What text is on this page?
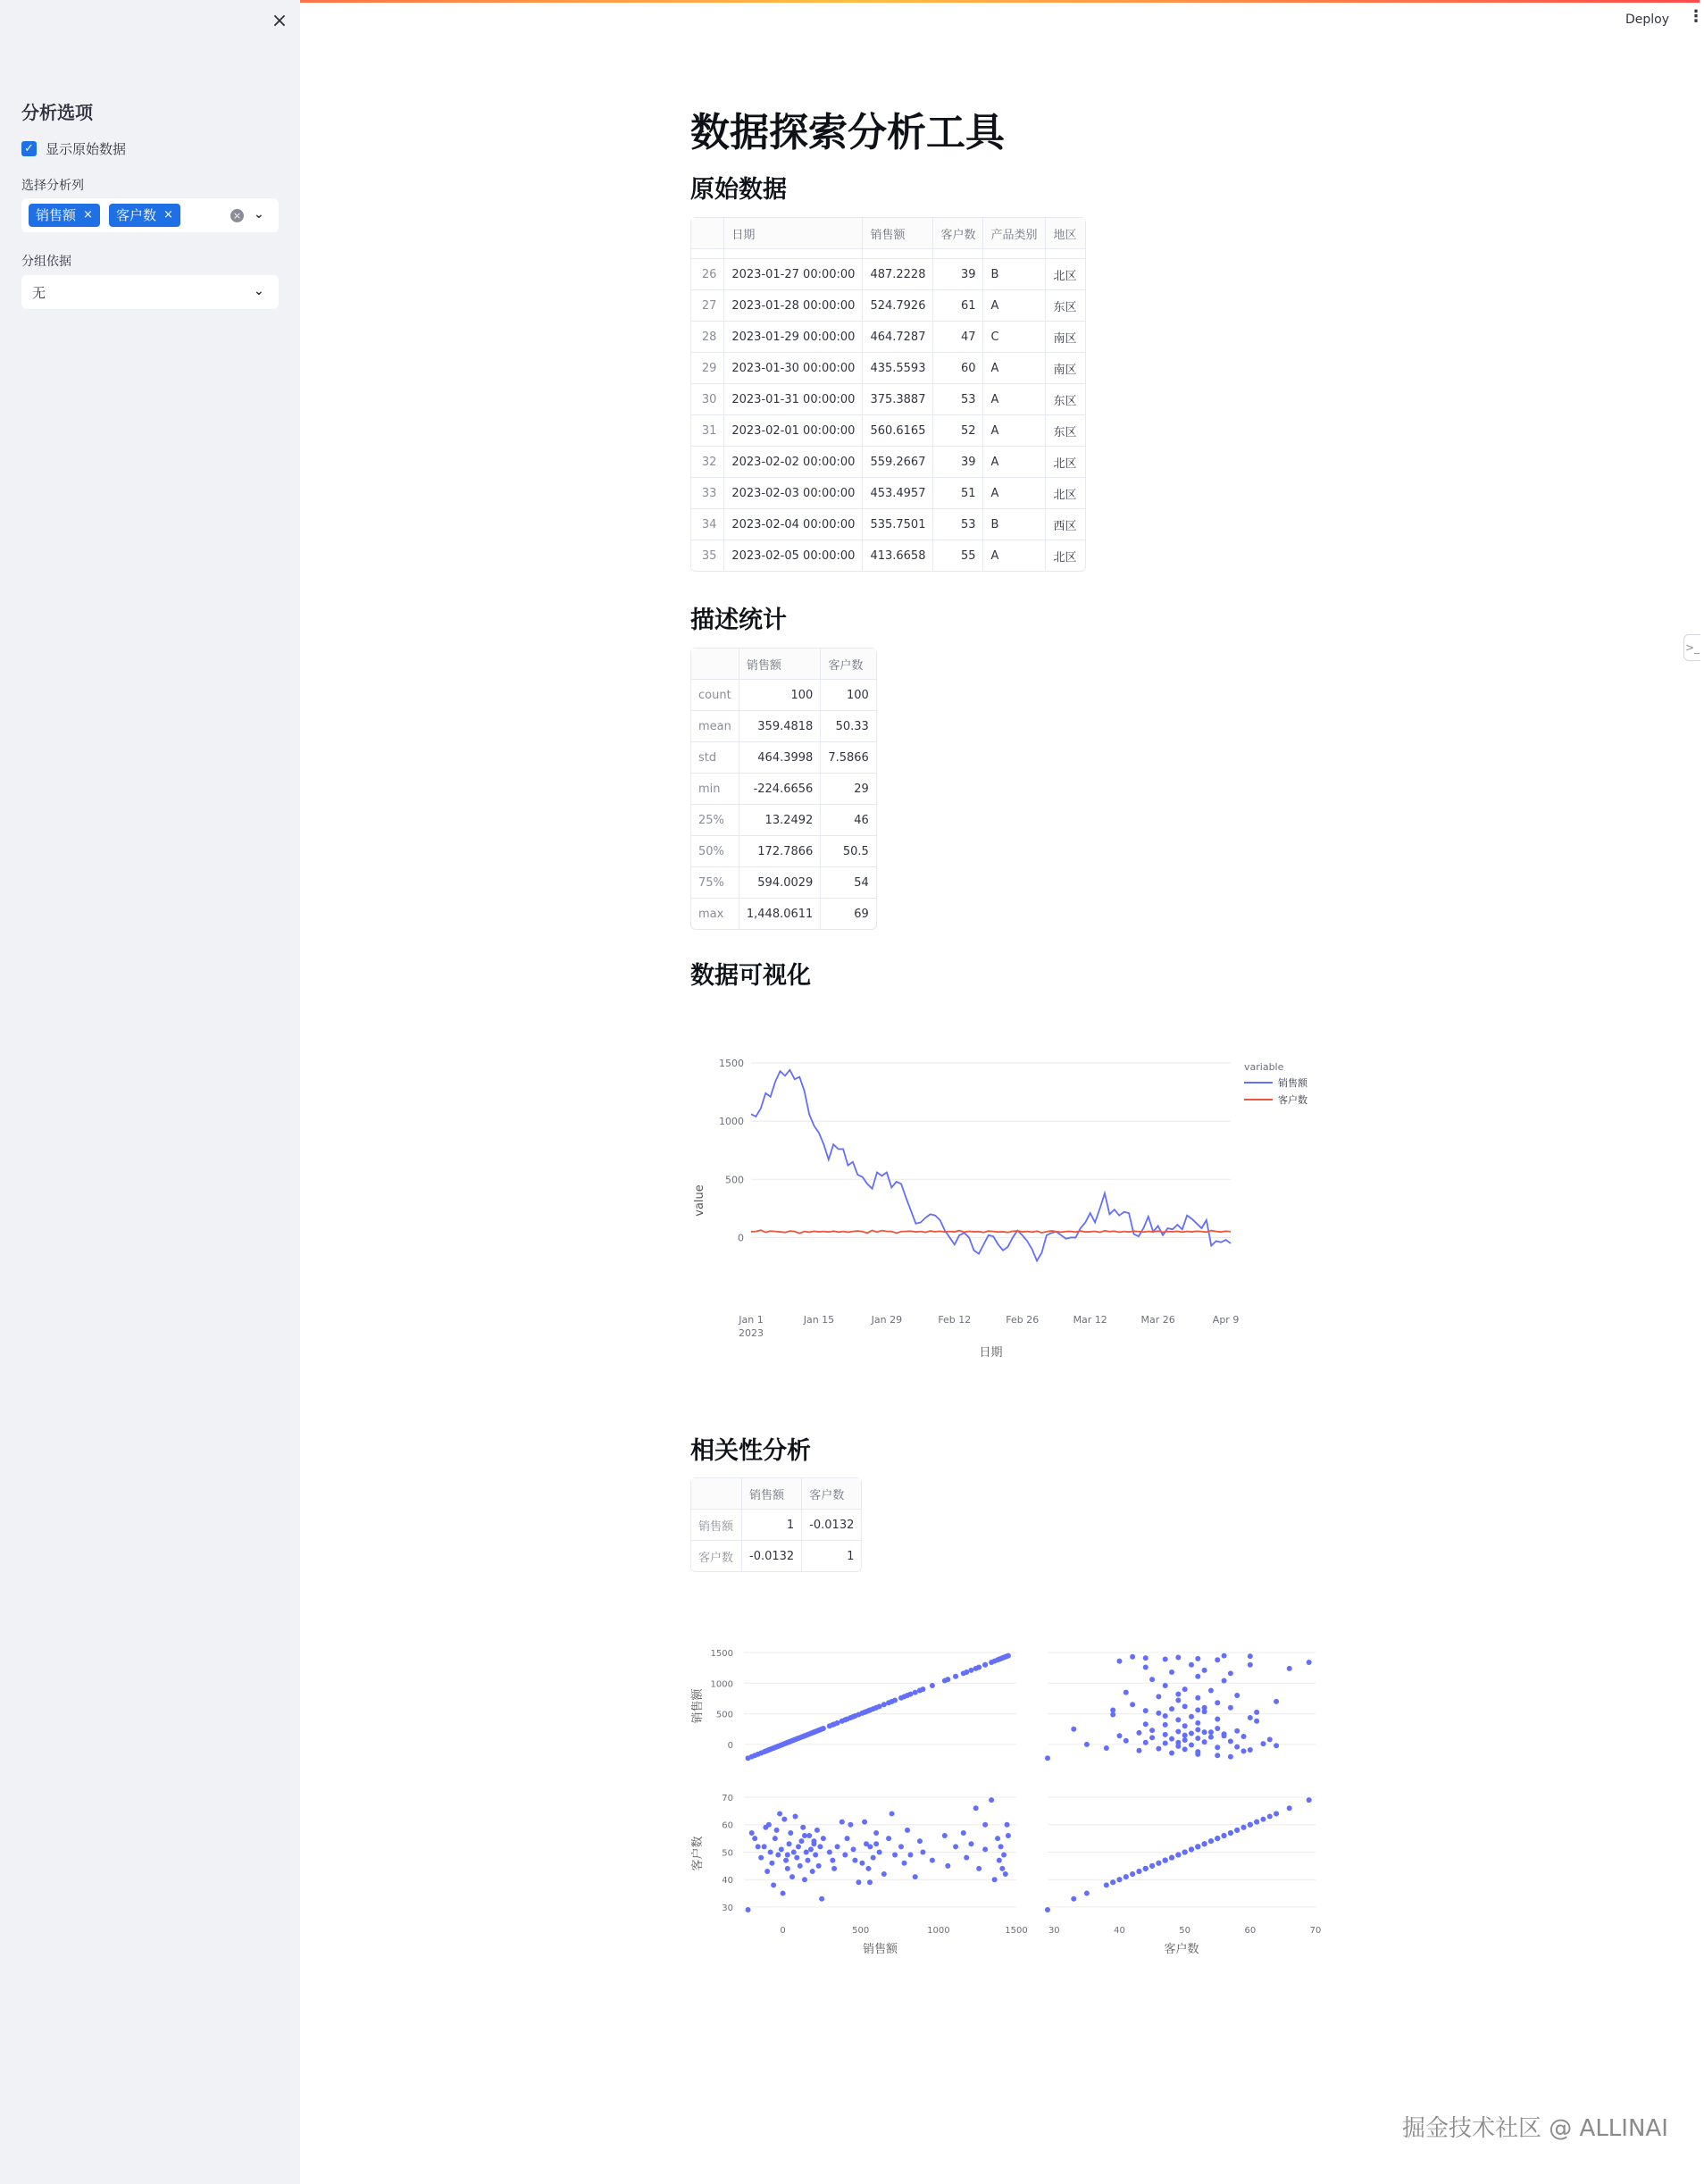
×
分析选项
✓ 显示原始数据
选择分析列
销售额 × 客户数 ×	× ⌄
分组依据
无	⌄
Deploy ⋮
>_
数据探索分析工具
原始数据
	日期	销售额	客户数	产品类别	地区

26	2023-01-27 00:00:00	487.2228	39	B	北区
27	2023-01-28 00:00:00	524.7926	61	A	东区
28	2023-01-29 00:00:00	464.7287	47	C	南区
29	2023-01-30 00:00:00	435.5593	60	A	南区
30	2023-01-31 00:00:00	375.3887	53	A	东区
31	2023-02-01 00:00:00	560.6165	52	A	东区
32	2023-02-02 00:00:00	559.2667	39	A	北区
33	2023-02-03 00:00:00	453.4957	51	A	北区
34	2023-02-04 00:00:00	535.7501	53	B	西区
35	2023-02-05 00:00:00	413.6658	55	A	北区
描述统计
	销售额	客户数
count	100	100
mean	359.4818	50.33
std	464.3998	7.5866
min	-224.6656	29
25%	13.2492	46
50%	172.7866	50.5
75%	594.0029	54
max	1,448.0611	69
数据可视化
0
500
1000
1500
Jan 1	Jan 15	Jan 29	Feb 12	Feb 26	Mar 12	Mar 26	Apr 9
2023
日期
value
variable
销售额
客户数
相关性分析
	销售额	客户数
销售额	1	-0.0132
客户数	-0.0132	1
0
500
1000
1500
销售额
30
40
50
60
70
0	500	1000	1500
销售额
客户数
30	40	50	60	70
客户数
掘金技术社区 @ ALLINAI
